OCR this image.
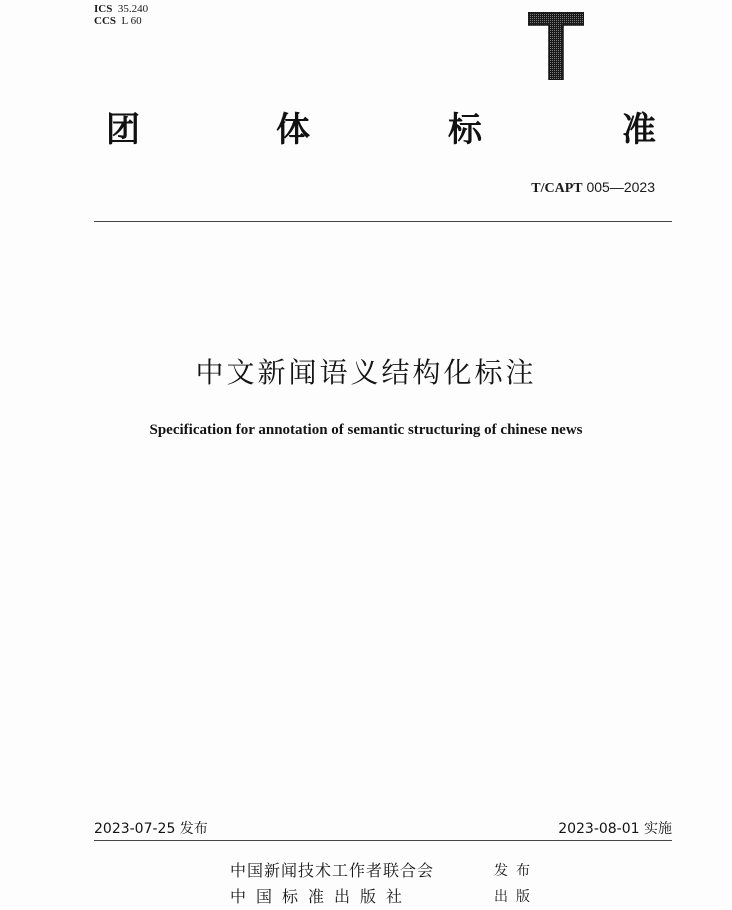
ICS 35.240
CCS L 60
团	体	标	准
T/CAPT 005—2023
中文新闻语义结构化标注
Specification for annotation of semantic structuring of chinese news
2023-07-25 发布	2023-08-01 实施
中国新闻技术工作者联合会	发布
中国标准出版社	出版
